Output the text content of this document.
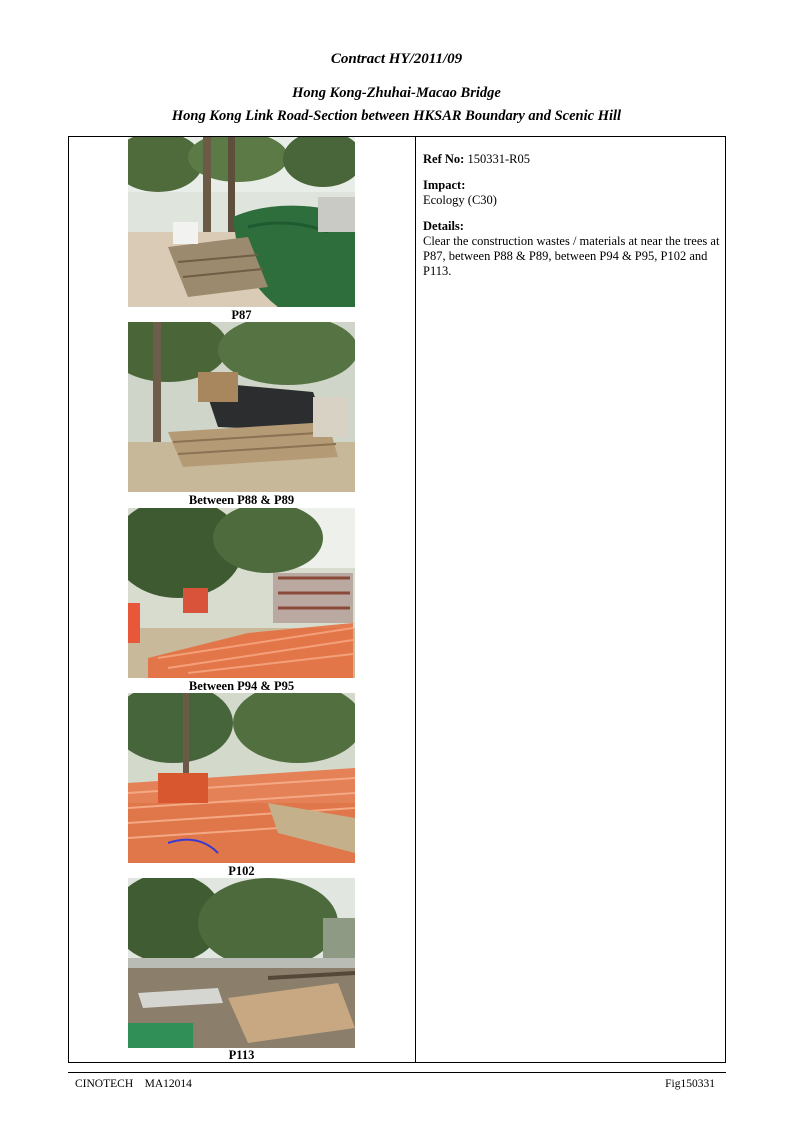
Contract HY/2011/09
Hong Kong-Zhuhai-Macao Bridge
Hong Kong Link Road-Section between HKSAR Boundary and Scenic Hill
P87
Between P88 & P89
Between P94 & P95
P102
P113

Ref No: 150331-R05

Impact:
Ecology (C30)

Details:
Clear the construction wastes / materials at near the trees at P87, between P88 & P89, between P94 & P95, P102 and P113.

CINOTECH    MA12014	Fig150331
